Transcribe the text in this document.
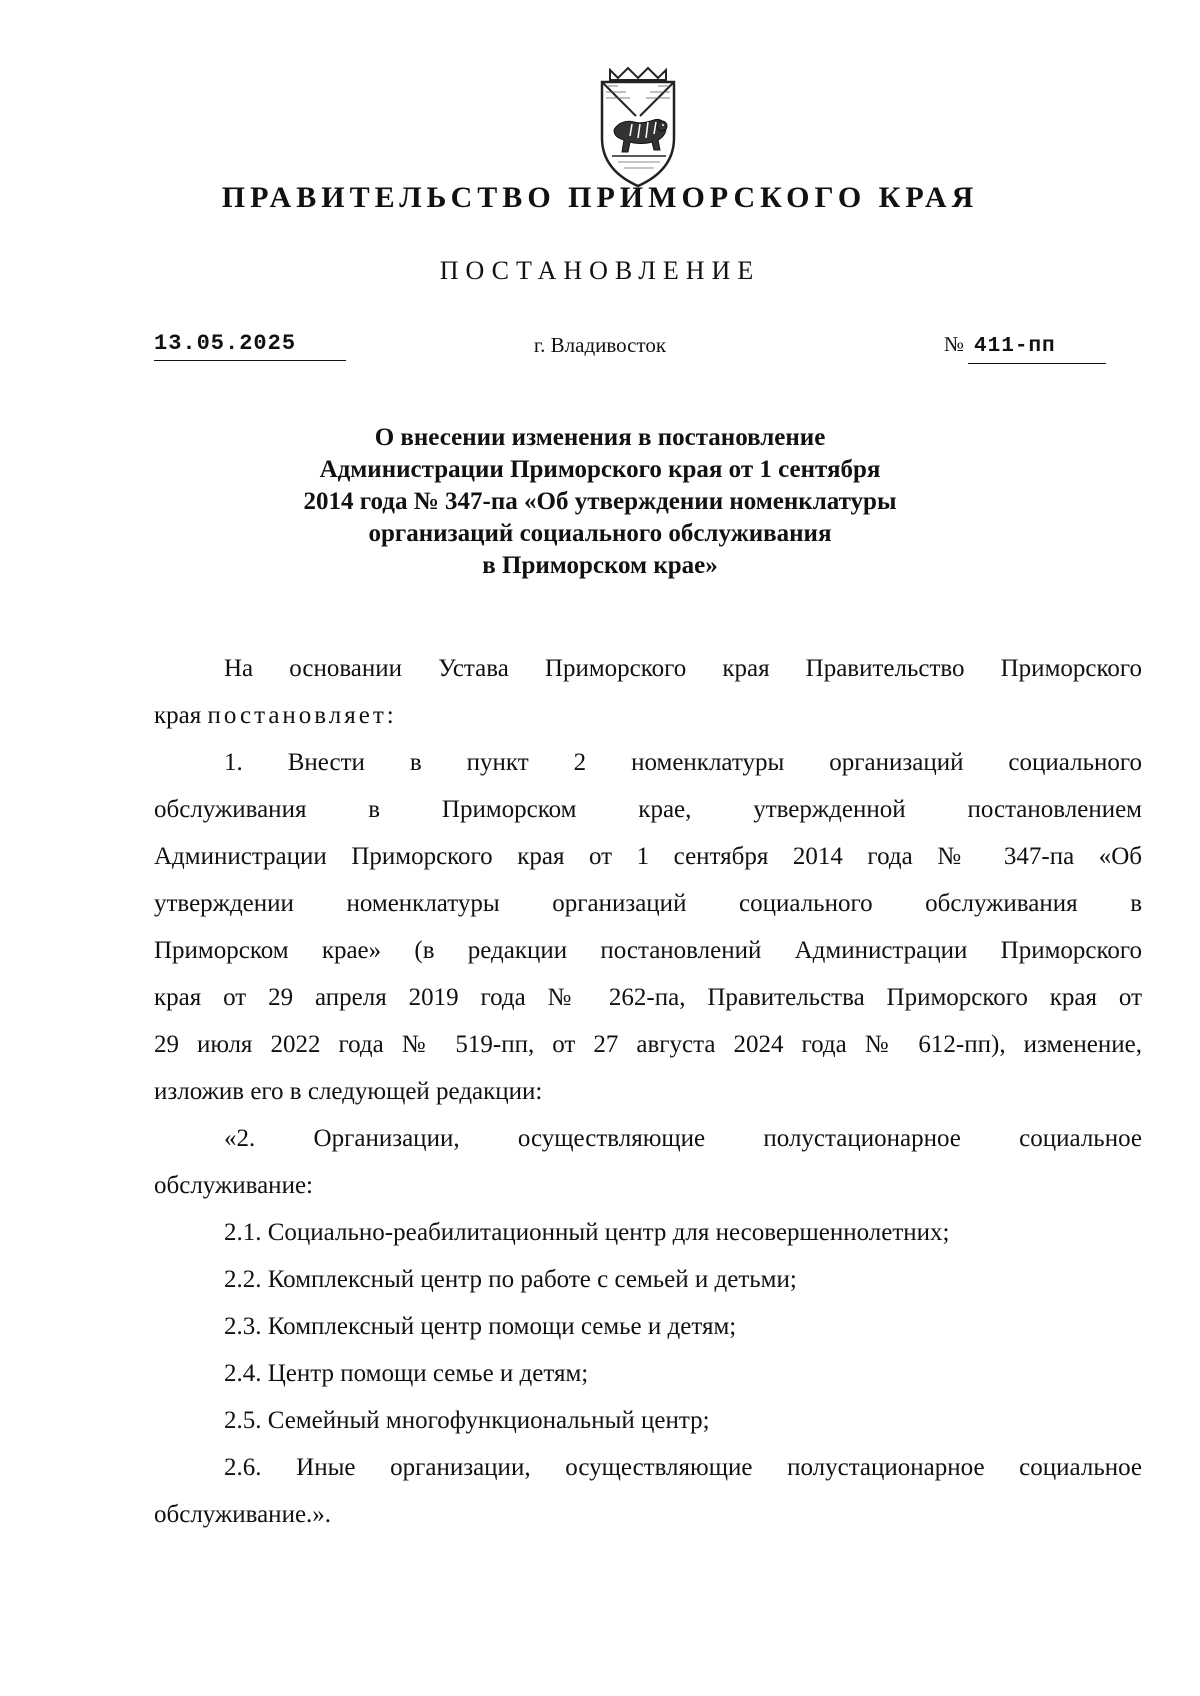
ПРАВИТЕЛЬСТВО ПРИМОРСКОГО КРАЯ
ПОСТАНОВЛЕНИЕ
13.05.2025	г. Владивосток	№ 411-пп
О внесении изменения в постановление
Администрации Приморского края от 1 сентября
2014 года № 347-па «Об утверждении номенклатуры
организаций социального обслуживания
в Приморском крае»
На основании Устава Приморского края Правительство Приморского
края постановляет:
1. Внести в пункт 2 номенклатуры организаций социального
обслуживания в Приморском крае, утвержденной постановлением
Администрации Приморского края от 1 сентября 2014 года № 347-па «Об
утверждении номенклатуры организаций социального обслуживания в
Приморском крае» (в редакции постановлений Администрации Приморского
края от 29 апреля 2019 года № 262-па, Правительства Приморского края от
29 июля 2022 года № 519-пп, от 27 августа 2024 года № 612-пп), изменение,
изложив его в следующей редакции:
«2. Организации, осуществляющие полустационарное социальное
обслуживание:
2.1. Социально-реабилитационный центр для несовершеннолетних;
2.2. Комплексный центр по работе с семьей и детьми;
2.3. Комплексный центр помощи семье и детям;
2.4. Центр помощи семье и детям;
2.5. Семейный многофункциональный центр;
2.6. Иные организации, осуществляющие полустационарное социальное
обслуживание.».
